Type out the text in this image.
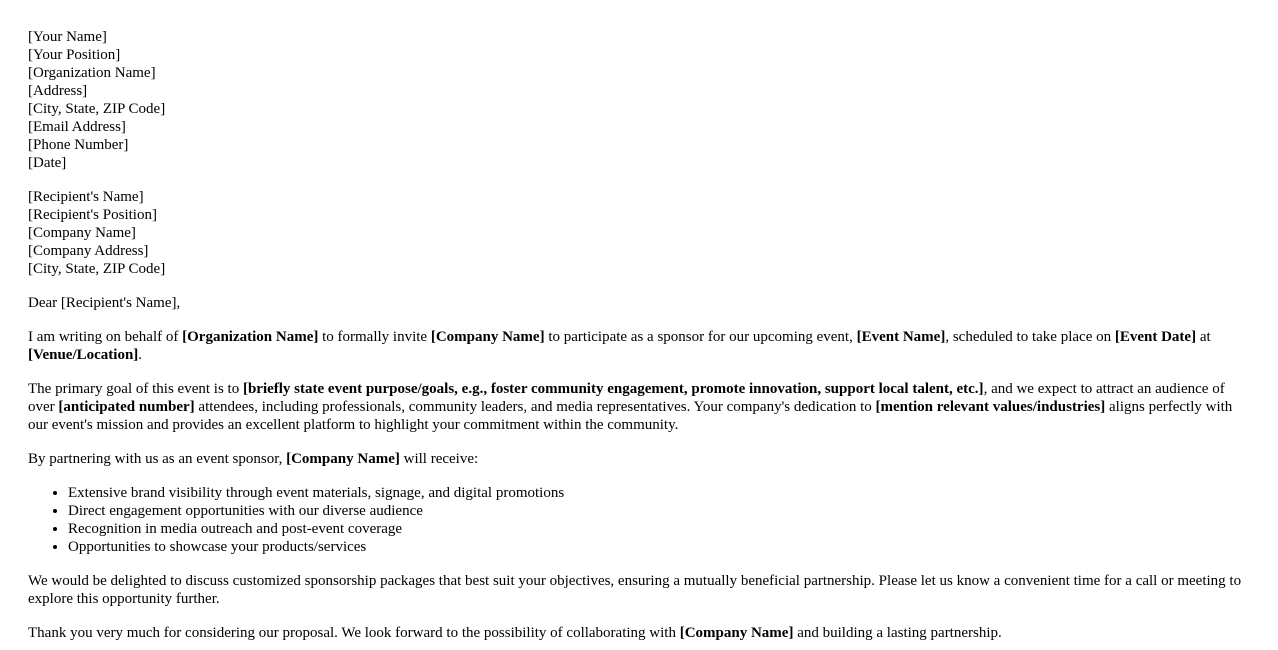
[Your Name]
[Your Position]
[Organization Name]
[Address]
[City, State, ZIP Code]
[Email Address]
[Phone Number]
[Date]
[Recipient's Name]
[Recipient's Position]
[Company Name]
[Company Address]
[City, State, ZIP Code]

Dear [Recipient's Name],

I am writing on behalf of [Organization Name] to formally invite [Company Name] to participate as a sponsor for our upcoming event, [Event Name], scheduled to take place on [Event Date] at [Venue/Location].

The primary goal of this event is to [briefly state event purpose/goals, e.g., foster community engagement, promote innovation, support local talent, etc.], and we expect to attract an audience of over [anticipated number] attendees, including professionals, community leaders, and media representatives. Your company's dedication to [mention relevant values/industries] aligns perfectly with our event's mission and provides an excellent platform to highlight your commitment within the community.

By partnering with us as an event sponsor, [Company Name] will receive:

• Extensive brand visibility through event materials, signage, and digital promotions
• Direct engagement opportunities with our diverse audience
• Recognition in media outreach and post-event coverage
• Opportunities to showcase your products/services

We would be delighted to discuss customized sponsorship packages that best suit your objectives, ensuring a mutually beneficial partnership. Please let us know a convenient time for a call or meeting to explore this opportunity further.

Thank you very much for considering our proposal. We look forward to the possibility of collaborating with [Company Name] and building a lasting partnership.
